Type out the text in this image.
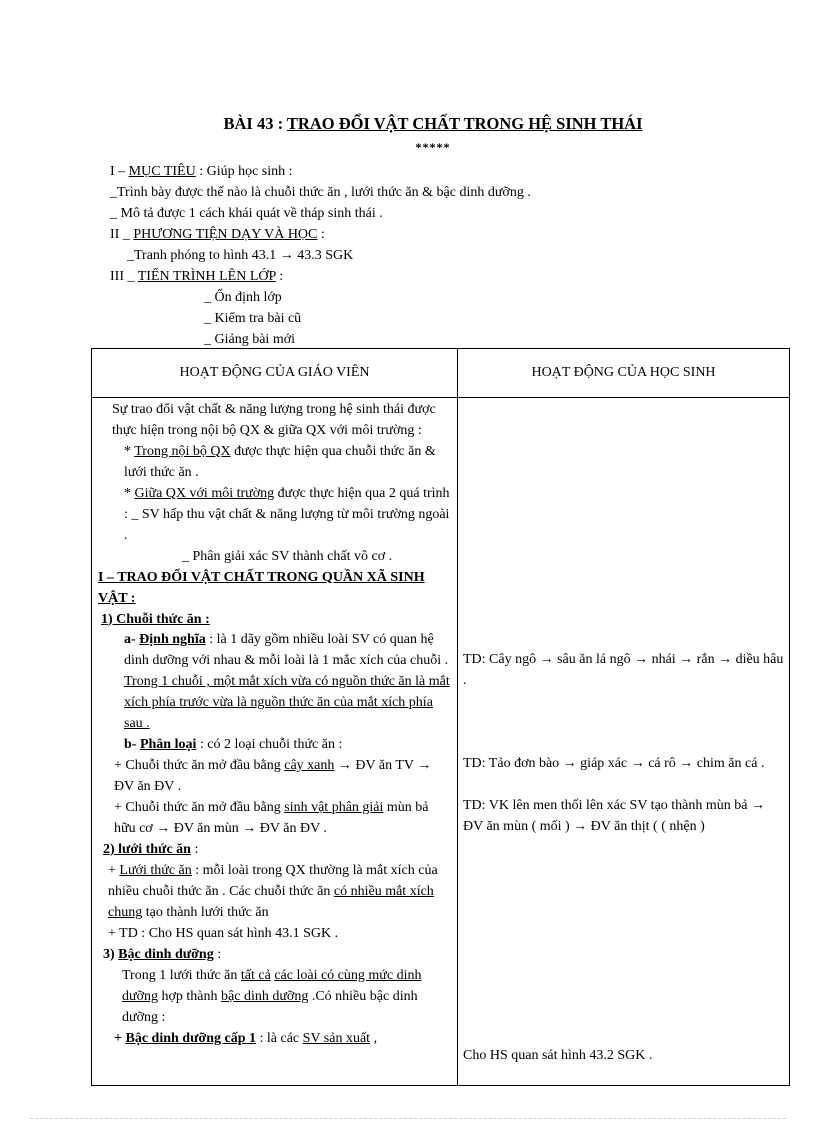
BÀI 43 : TRAO ĐỔI VẬT CHẤT TRONG HỆ SINH THÁI
*****
I – MỤC TIÊU : Giúp học sinh :
_Trình bày được thế nào là chuỗi thức ăn , lưới thức ăn & bậc dinh dưỡng .
_ Mô tả được 1 cách khái quát về tháp sinh thái .
II _ PHƯƠNG TIỆN DẠY VÀ HỌC :
_Tranh phóng to hình 43.1 → 43.3 SGK
III _ TIẾN TRÌNH LÊN LỚP :
_ Ổn định lớp
_ Kiểm tra bài cũ
_ Giảng bài mới
HOẠT ĐỘNG CỦA GIÁO VIÊN	HOẠT ĐỘNG CỦA HỌC SINH

Sự trao đổi vật chất & năng lượng trong hệ sinh thái được thực hiện trong nội bộ QX & giữa QX với môi trường :

* Trong nội bộ QX được thực hiện qua chuỗi thức ăn & lưới thức ăn .

* Giữa QX với môi trường được thực hiện qua 2 quá trình : _ SV hấp thu vật chất & năng lượng từ môi trường ngoài .

_ Phân giải xác SV thành chất vô cơ .

I – TRAO ĐỔI VẬT CHẤT TRONG QUẦN XÃ SINH VẬT :

1) Chuỗi thức ăn :

a- Định nghĩa : là 1 dãy gồm nhiều loài SV có quan hệ dinh dưỡng với nhau & mỗi loài là 1 mắc xích của chuỗi . Trong 1 chuỗi , một mắt xích vừa có nguồn thức ăn là mắt xích phía trước vừa là nguồn thức ăn của mắt xích phía sau .

b- Phân loại : có 2 loại chuỗi thức ăn :

+ Chuỗi thức ăn mở đầu bằng cây xanh → ĐV ăn TV → ĐV ăn ĐV .

+ Chuỗi thức ăn mở đầu bằng sinh vật phân giải mùn bả hữu cơ → ĐV ăn mùn → ĐV ăn ĐV .

2) lưới thức ăn :

+ Lưới thức ăn : mỗi loài trong QX thường là mắt xích của nhiều chuỗi thức ăn . Các chuỗi thức ăn có nhiều mắt xích chung tạo thành lưới thức ăn

+ TD : Cho HS quan sát hình 43.1 SGK .

3) Bậc dinh dưỡng :

Trong 1 lưới thức ăn tất cả các loài có cùng mức dinh dưỡng hợp thành bậc dinh dưỡng .Có nhiều bậc dinh dưỡng :

+ Bậc dinh dưỡng cấp 1 : là các SV sản xuất ,

TD: Cây ngô → sâu ăn lá ngô → nhái → rắn → diều hâu .
TD: Tảo đơn bào → giáp xác → cá rô → chim ăn cá .
TD: VK lên men thối lên xác SV tạo thành mùn bả → ĐV ăn mùn ( mối ) → ĐV ăn thịt ( ( nhện )
Cho HS quan sát hình 43.2 SGK .
